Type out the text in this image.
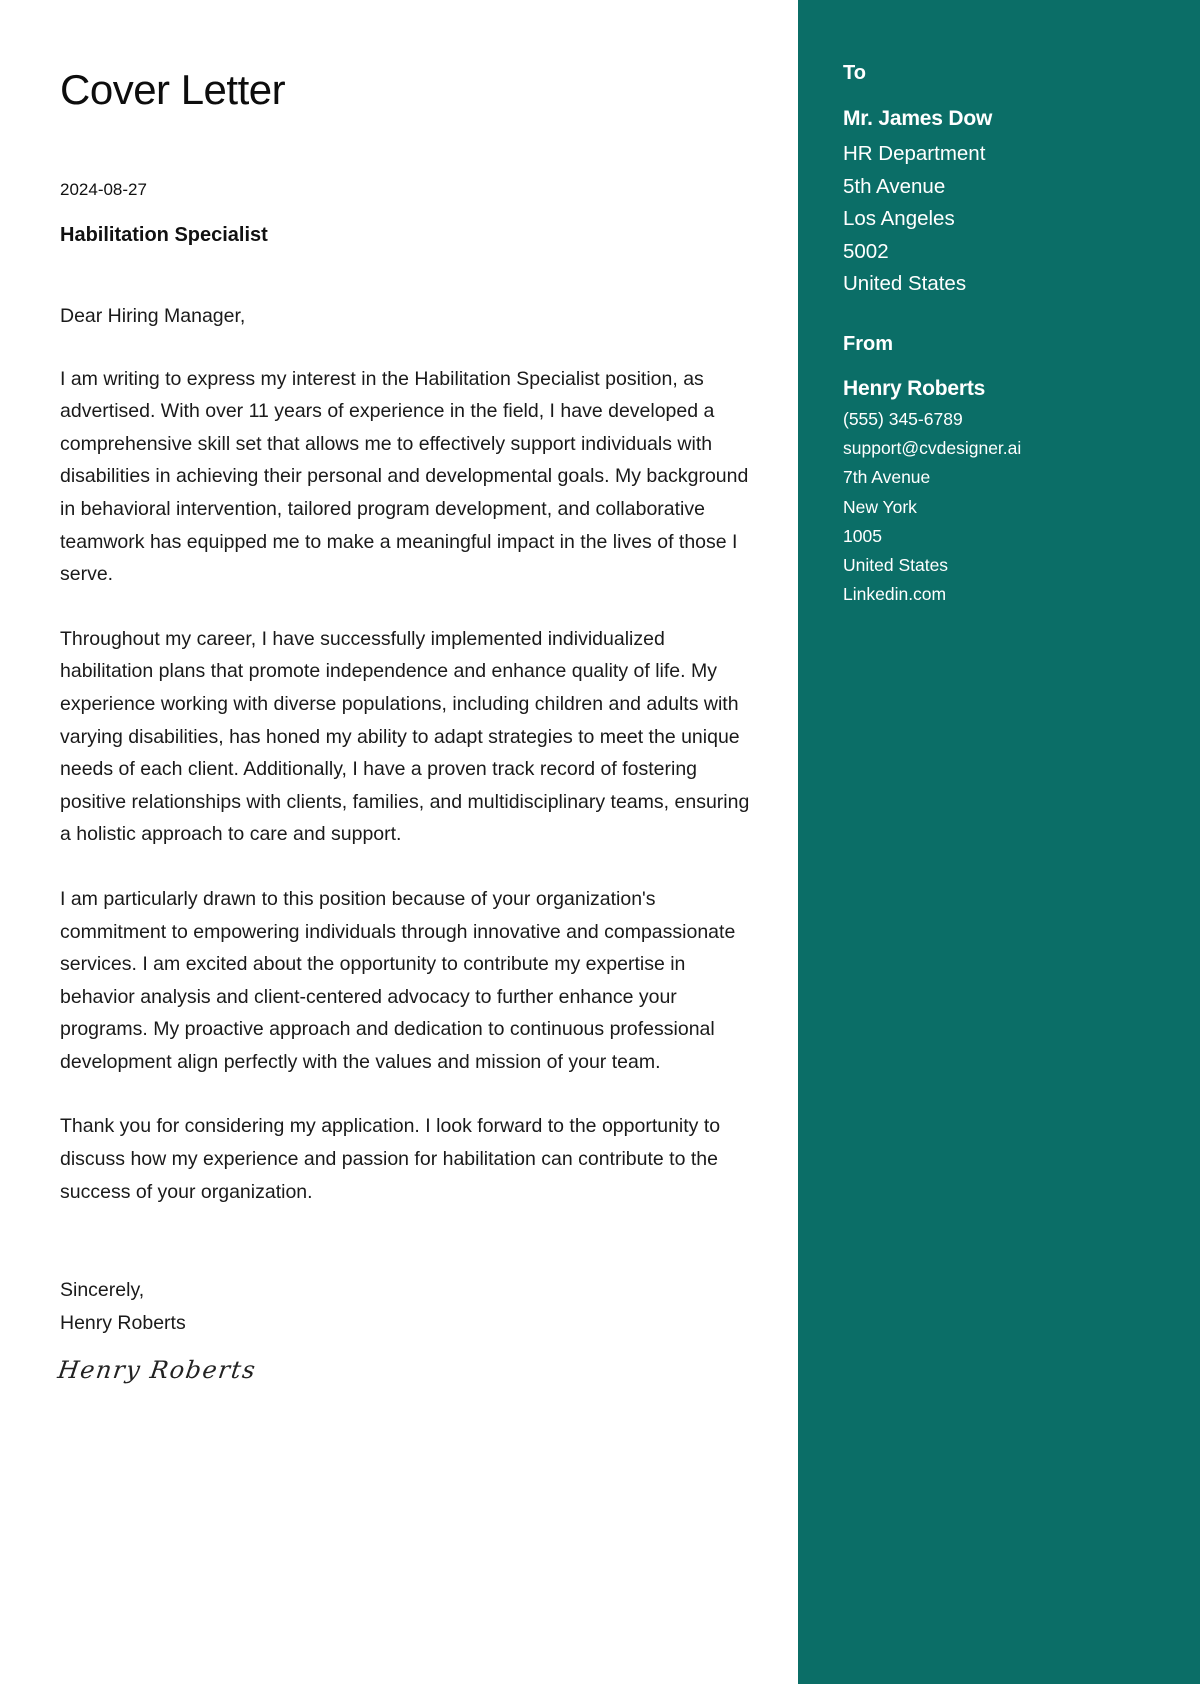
Cover Letter
2024-08-27
Habilitation Specialist

Dear Hiring Manager,

I am writing to express my interest in the Habilitation Specialist position, as advertised. With over 11 years of experience in the field, I have developed a comprehensive skill set that allows me to effectively support individuals with disabilities in achieving their personal and developmental goals. My background in behavioral intervention, tailored program development, and collaborative teamwork has equipped me to make a meaningful impact in the lives of those I serve.

Throughout my career, I have successfully implemented individualized habilitation plans that promote independence and enhance quality of life. My experience working with diverse populations, including children and adults with varying disabilities, has honed my ability to adapt strategies to meet the unique needs of each client. Additionally, I have a proven track record of fostering positive relationships with clients, families, and multidisciplinary teams, ensuring a holistic approach to care and support.

I am particularly drawn to this position because of your organization's commitment to empowering individuals through innovative and compassionate services. I am excited about the opportunity to contribute my expertise in behavior analysis and client-centered advocacy to further enhance your programs. My proactive approach and dedication to continuous professional development align perfectly with the values and mission of your team.

Thank you for considering my application. I look forward to the opportunity to discuss how my experience and passion for habilitation can contribute to the success of your organization.

Sincerely,
Henry Roberts
Henry Roberts
To
Mr. James Dow
HR Department
5th Avenue
Los Angeles
5002
United States
From
Henry Roberts
(555) 345-6789
support@cvdesigner.ai
7th Avenue
New York
1005
United States
Linkedin.com
